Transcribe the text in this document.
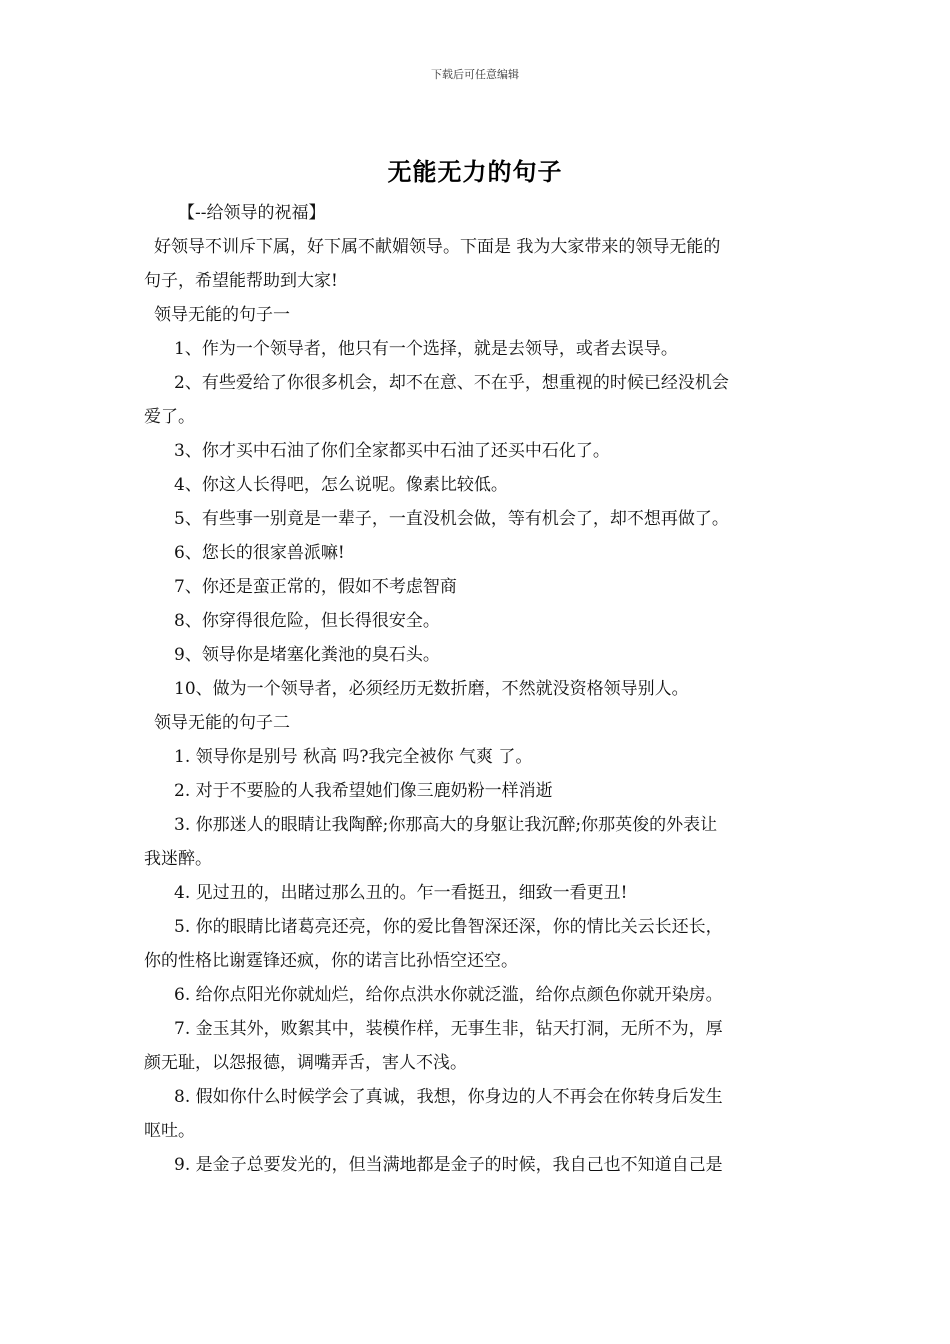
下载后可任意编辑
无能无力的句子
【--给领导的祝福】
好领导不训斥下属，好下属不献媚领导。下面是 我为大家带来的领导无能的
句子，希望能帮助到大家!
领导无能的句子一
1、作为一个领导者，他只有一个选择，就是去领导，或者去误导。
2、有些爱给了你很多机会，却不在意、不在乎，想重视的时候已经没机会
爱了。
3、你才买中石油了你们全家都买中石油了还买中石化了。
4、你这人长得吧，怎么说呢。像素比较低。
5、有些事一别竟是一辈子，一直没机会做，等有机会了，却不想再做了。
6、您长的很家兽派嘛!
7、你还是蛮正常的，假如不考虑智商
8、你穿得很危险，但长得很安全。
9、领导你是堵塞化粪池的臭石头。
10、做为一个领导者，必须经历无数折磨，不然就没资格领导别人。
领导无能的句子二
1. 领导你是别号 秋高 吗?我完全被你 气爽 了。
2. 对于不要脸的人我希望她们像三鹿奶粉一样消逝
3. 你那迷人的眼睛让我陶醉;你那高大的身躯让我沉醉;你那英俊的外表让
我迷醉。
4. 见过丑的，出睹过那么丑的。乍一看挺丑，细致一看更丑!
5. 你的眼睛比诸葛亮还亮，你的爱比鲁智深还深，你的情比关云长还长，
你的性格比谢霆锋还疯，你的诺言比孙悟空还空。
6. 给你点阳光你就灿烂，给你点洪水你就泛滥，给你点颜色你就开染房。
7. 金玉其外，败絮其中，装模作样，无事生非，钻天打洞，无所不为，厚
颜无耻，以怨报德，调嘴弄舌，害人不浅。
8. 假如你什么时候学会了真诚，我想，你身边的人不再会在你转身后发生
呕吐。
9. 是金子总要发光的，但当满地都是金子的时候，我自己也不知道自己是
